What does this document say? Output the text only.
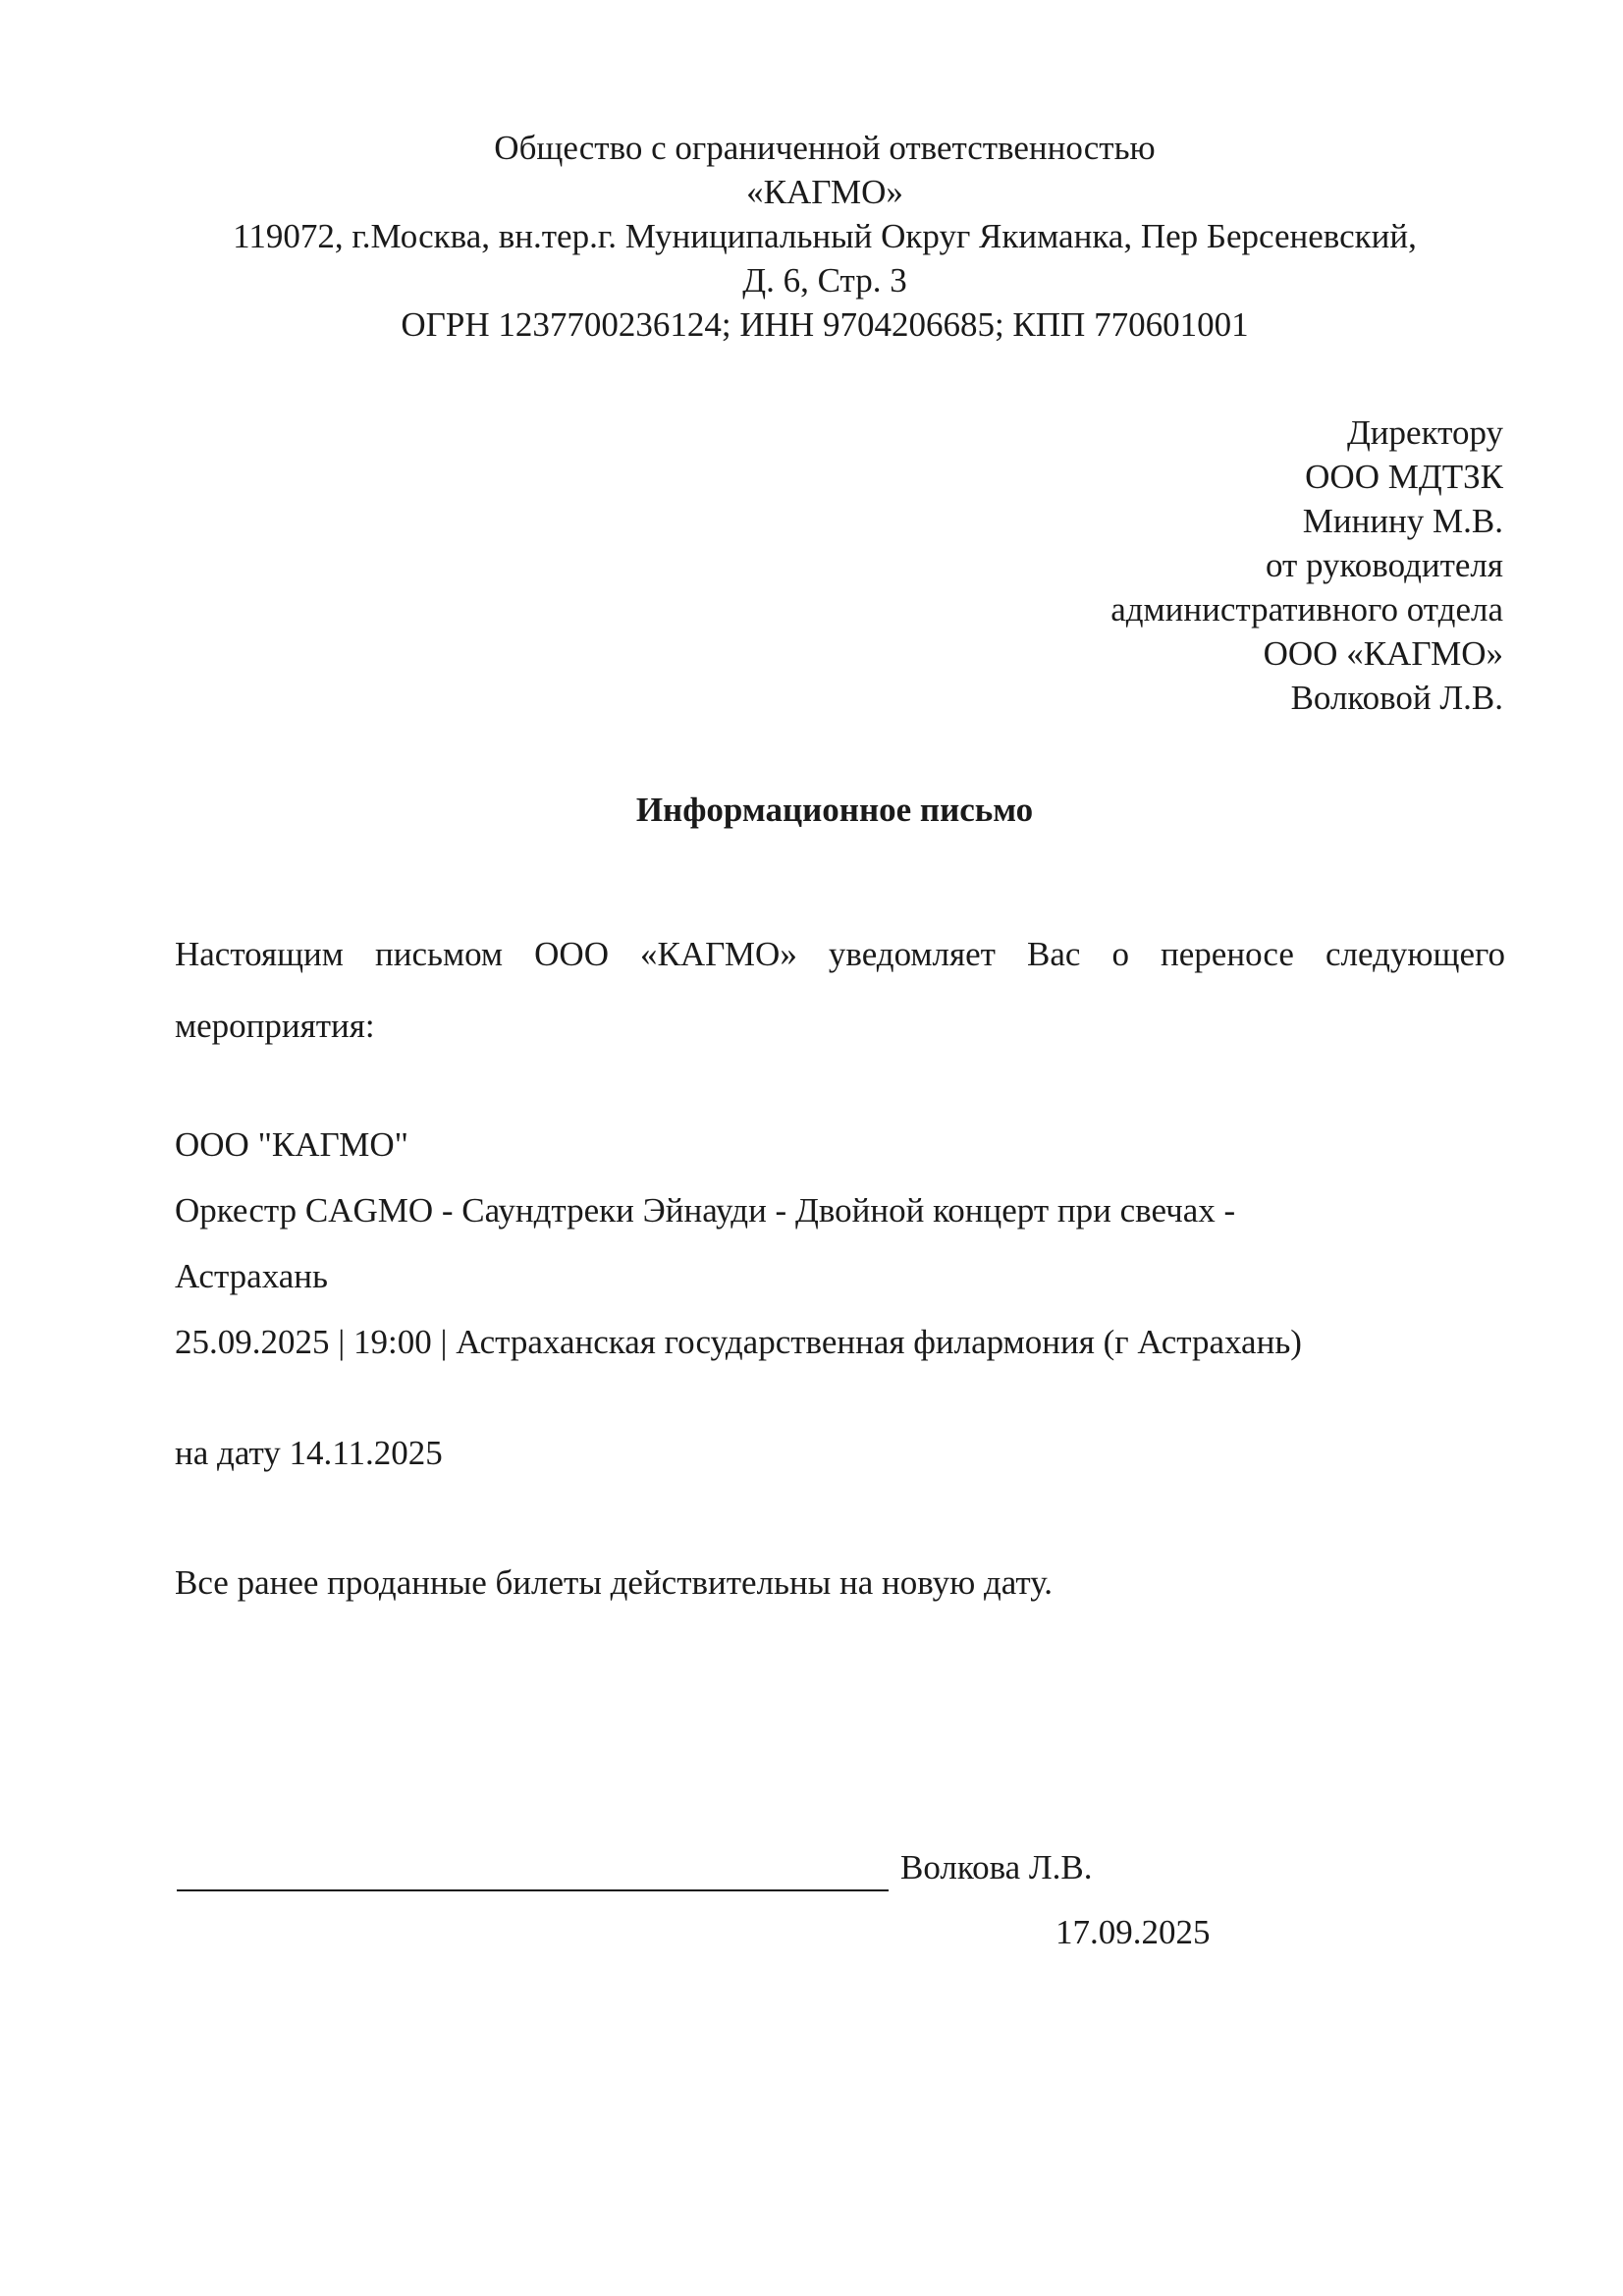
Общество с ограниченной ответственностью
«КАГМО»
119072, г.Москва, вн.тер.г. Муниципальный Округ Якиманка, Пер Берсеневский,
Д. 6, Стр. 3
ОГРН 1237700236124; ИНН 9704206685; КПП 770601001
Директору
ООО МДТЗК
Минину М.В.
от руководителя
административного отдела
ООО «КАГМО»
Волковой Л.В.
Информационное письмо
Настоящим письмом ООО «КАГМО» уведомляет Вас о переносе следующего мероприятия:
ООО "КАГМО"
Оркестр CAGMO - Саундтреки Эйнауди - Двойной концерт при свечах -
Астрахань
25.09.2025 | 19:00 | Астраханская государственная филармония (г Астрахань)
на дату 14.11.2025
Все ранее проданные билеты действительны на новую дату.
Волкова Л.В.
17.09.2025
